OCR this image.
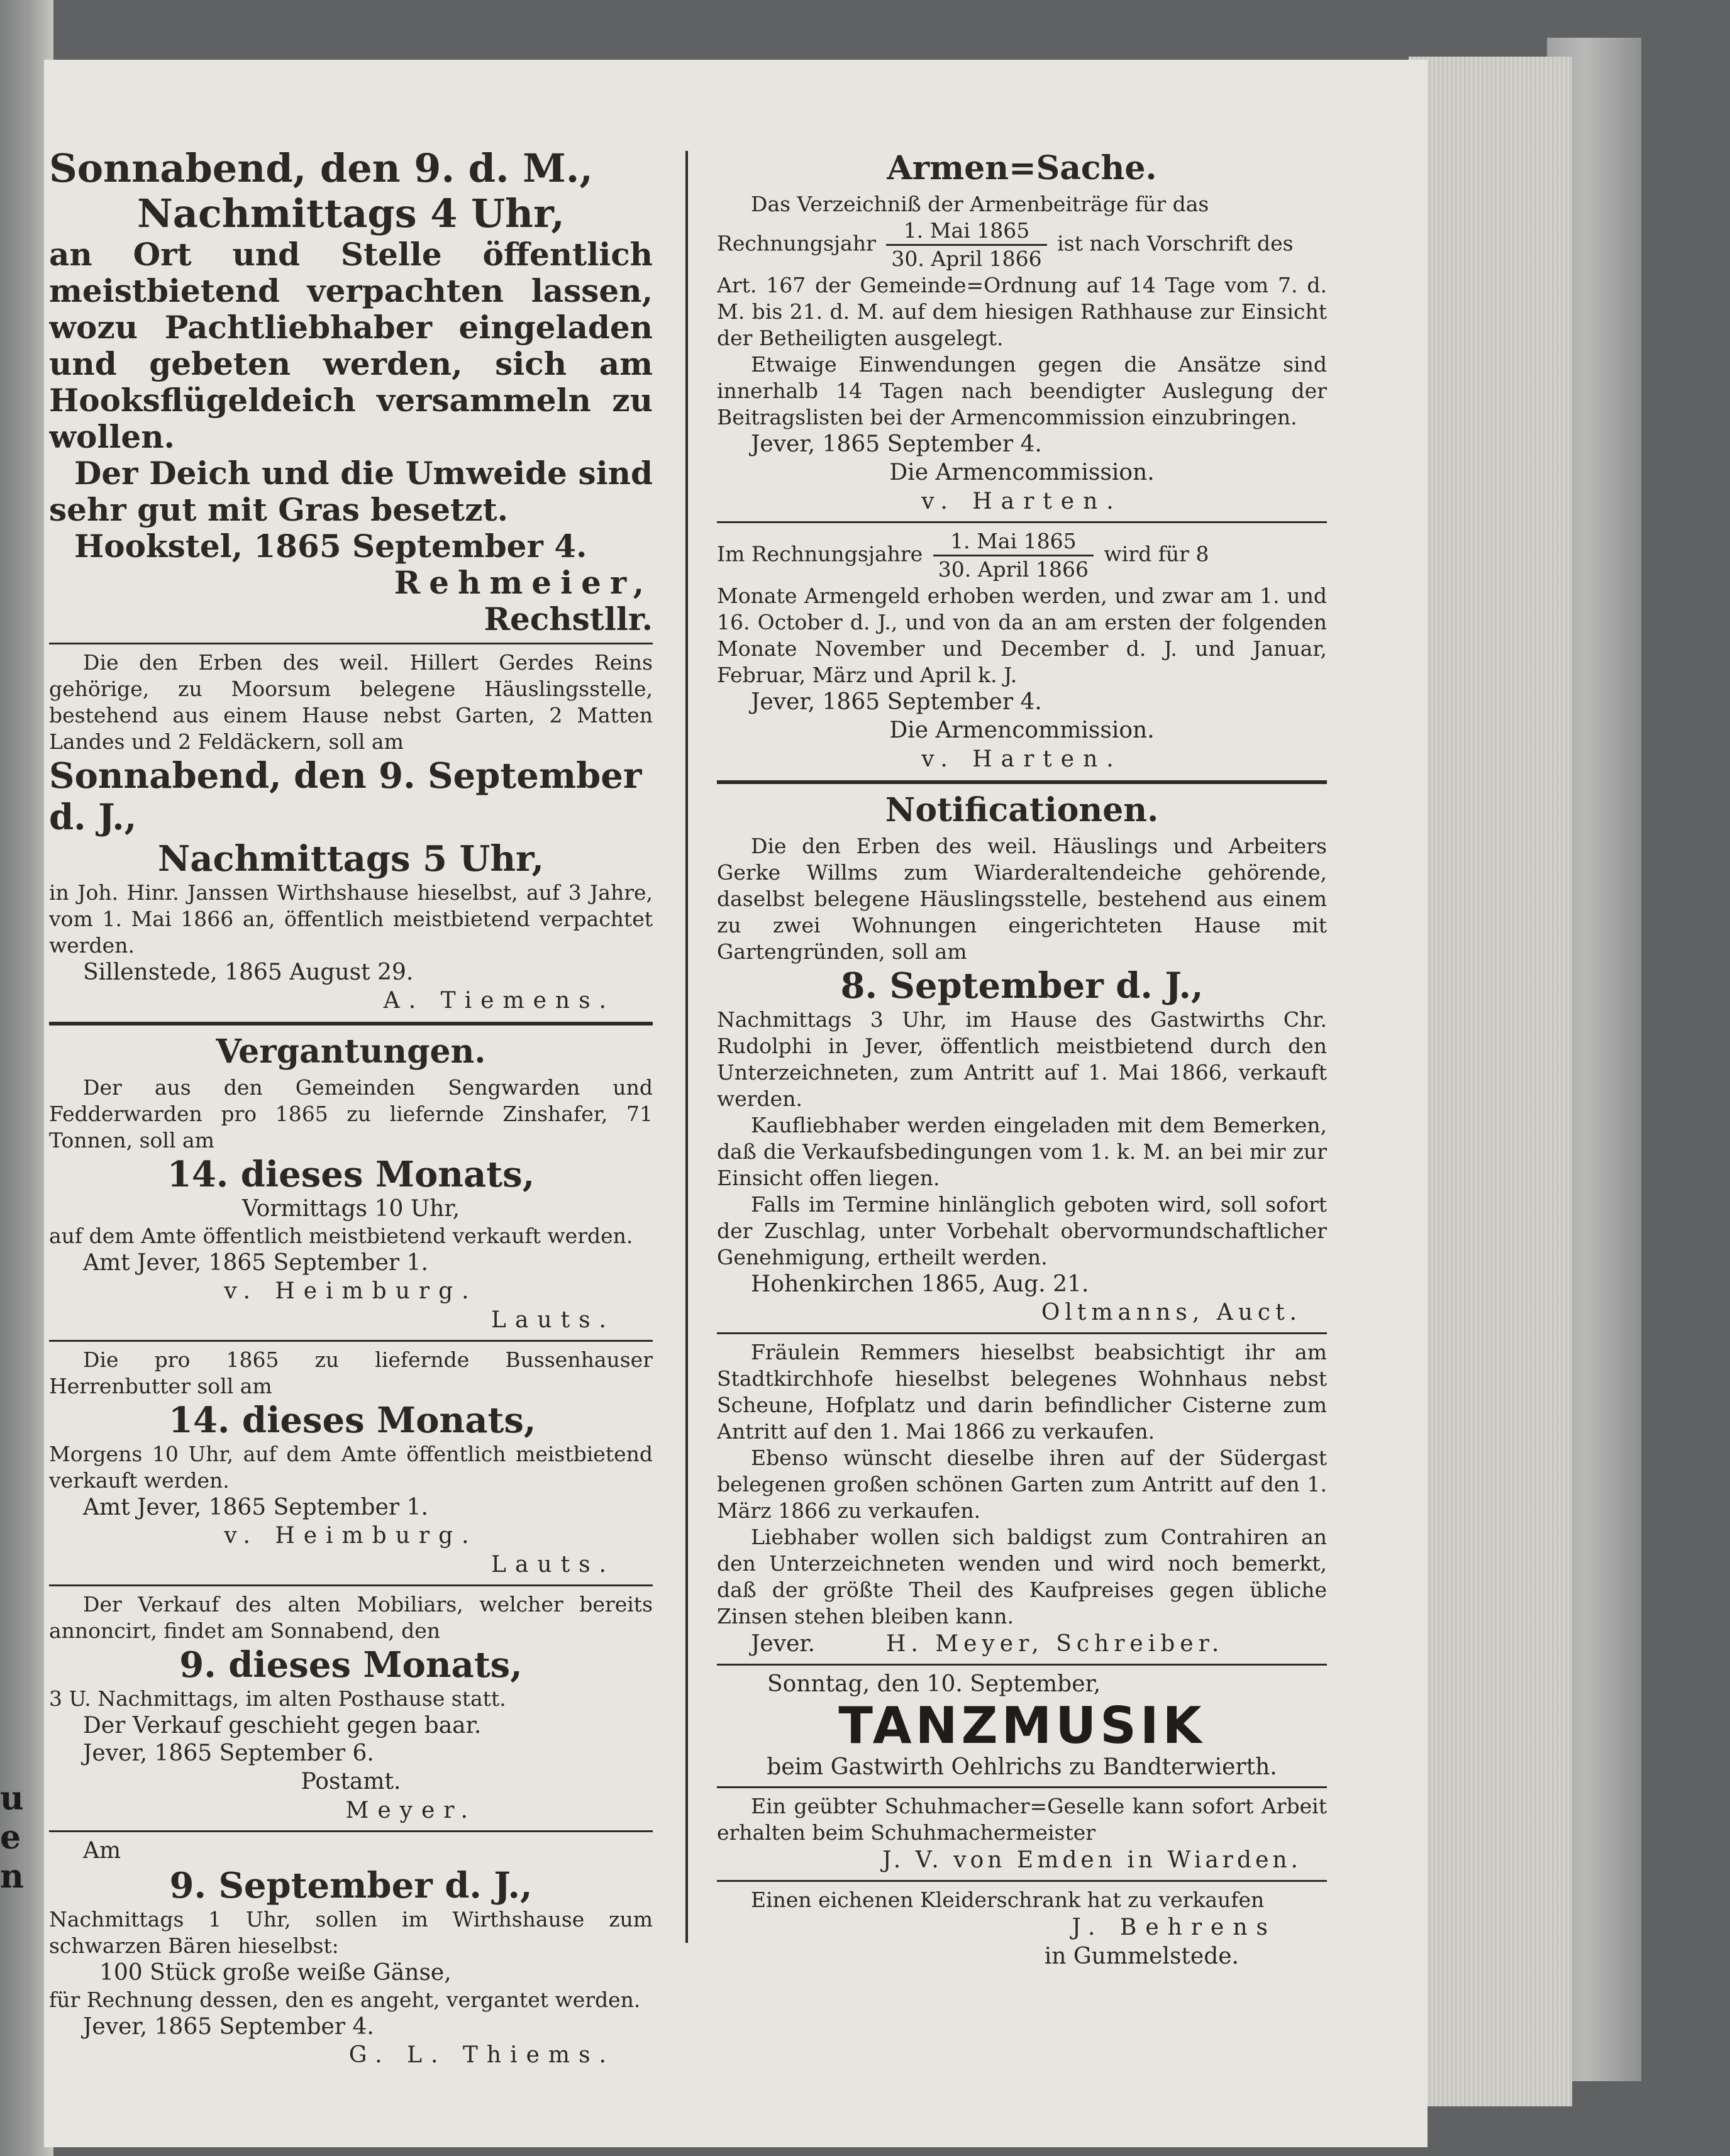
u
e
n

Sonnabend, den 9. d. M.,

Nachmittags 4 Uhr,

an Ort und Stelle öffentlich meistbietend verpachten lassen, wozu Pachtliebhaber eingeladen und gebeten werden, sich am Hooksflügeldeich versammeln zu wollen.

Der Deich und die Umweide sind sehr gut mit Gras besetzt.

Hookstel, 1865 September 4.

Rehmeier,

Rechstllr.

Die den Erben des weil. Hillert Gerdes Reins gehörige, zu Moorsum belegene Häuslingsstelle, bestehend aus einem Hause nebst Garten, 2 Matten Landes und 2 Feldäckern, soll am

Sonnabend, den 9. September d. J.,

Nachmittags 5 Uhr,

in Joh. Hinr. Janssen Wirthshause hieselbst, auf 3 Jahre, vom 1. Mai 1866 an, öffentlich meistbietend verpachtet werden.

Sillenstede, 1865 August 29.

A. Tiemens.

Vergantungen.

Der aus den Gemeinden Sengwarden und Fedderwarden pro 1865 zu liefernde Zinshafer, 71 Tonnen, soll am

14. dieses Monats,

Vormittags 10 Uhr,

auf dem Amte öffentlich meistbietend verkauft werden.

Amt Jever, 1865 September 1.

v. Heimburg.

Lauts.

Die pro 1865 zu liefernde Bussenhauser Herrenbutter soll am

14. dieses Monats,

Morgens 10 Uhr, auf dem Amte öffentlich meistbietend verkauft werden.

Amt Jever, 1865 September 1.

v. Heimburg.

Lauts.

Der Verkauf des alten Mobiliars, welcher bereits annoncirt, findet am Sonnabend, den

9. dieses Monats,

3 U. Nachmittags, im alten Posthause statt.

Der Verkauf geschieht gegen baar.

Jever, 1865 September 6.

Postamt.

Meyer.

Am

9. September d. J.,

Nachmittags 1 Uhr, sollen im Wirthshause zum schwarzen Bären hieselbst:

100 Stück große weiße Gänse,

für Rechnung dessen, den es angeht, vergantet werden.

Jever, 1865 September 4.

G. L. Thiems.

Armen=Sache.

Das Verzeichniß der Armenbeiträge für das

Rechnungsjahr $\frac{\text{1. Mai 1865}}{\text{30. April 1866}}$ ist nach Vorschrift des

Art. 167 der Gemeinde=Ordnung auf 14 Tage vom 7. d. M. bis 21. d. M. auf dem hiesigen Rathhause zur Einsicht der Betheiligten ausgelegt.

Etwaige Einwendungen gegen die Ansätze sind innerhalb 14 Tagen nach beendigter Auslegung der Beitragslisten bei der Armencommission einzubringen.

Jever, 1865 September 4.

Die Armencommission.

v. Harten.

Im Rechnungsjahre $\frac{\text{1. Mai 1865}}{\text{30. April 1866}}$ wird für 8

Monate Armengeld erhoben werden, und zwar am 1. und 16. October d. J., und von da an am ersten der folgenden Monate November und December d. J. und Januar, Februar, März und April k. J.

Jever, 1865 September 4.

Die Armencommission.

v. Harten.

Notificationen.

Die den Erben des weil. Häuslings und Arbeiters Gerke Willms zum Wiarderaltendeiche gehörende, daselbst belegene Häuslingsstelle, bestehend aus einem zu zwei Wohnungen eingerichteten Hause mit Gartengründen, soll am

8. September d. J.,

Nachmittags 3 Uhr, im Hause des Gastwirths Chr. Rudolphi in Jever, öffentlich meistbietend durch den Unterzeichneten, zum Antritt auf 1. Mai 1866, verkauft werden.

Kaufliebhaber werden eingeladen mit dem Bemerken, daß die Verkaufsbedingungen vom 1. k. M. an bei mir zur Einsicht offen liegen.

Falls im Termine hinlänglich geboten wird, soll sofort der Zuschlag, unter Vorbehalt obervormundschaftlicher Genehmigung, ertheilt werden.

Hohenkirchen 1865, Aug. 21.

Oltmanns, Auct.

Fräulein Remmers hieselbst beabsichtigt ihr am Stadtkirchhofe hieselbst belegenes Wohnhaus nebst Scheune, Hofplatz und darin befindlicher Cisterne zum Antritt auf den 1. Mai 1866 zu verkaufen.

Ebenso wünscht dieselbe ihren auf der Südergast belegenen großen schönen Garten zum Antritt auf den 1. März 1866 zu verkaufen.

Liebhaber wollen sich baldigst zum Contrahiren an den Unterzeichneten wenden und wird noch bemerkt, daß der größte Theil des Kaufpreises gegen übliche Zinsen stehen bleiben kann.

Jever.	H. Meyer, Schreiber.

Sonntag, den 10. September,

TANZMUSIK

beim Gastwirth Oehlrichs zu Bandterwierth.

Ein geübter Schuhmacher=Geselle kann sofort Arbeit erhalten beim Schuhmachermeister

J. V. von Emden in Wiarden.

Einen eichenen Kleiderschrank hat zu verkaufen

J. Behrens

in Gummelstede.
